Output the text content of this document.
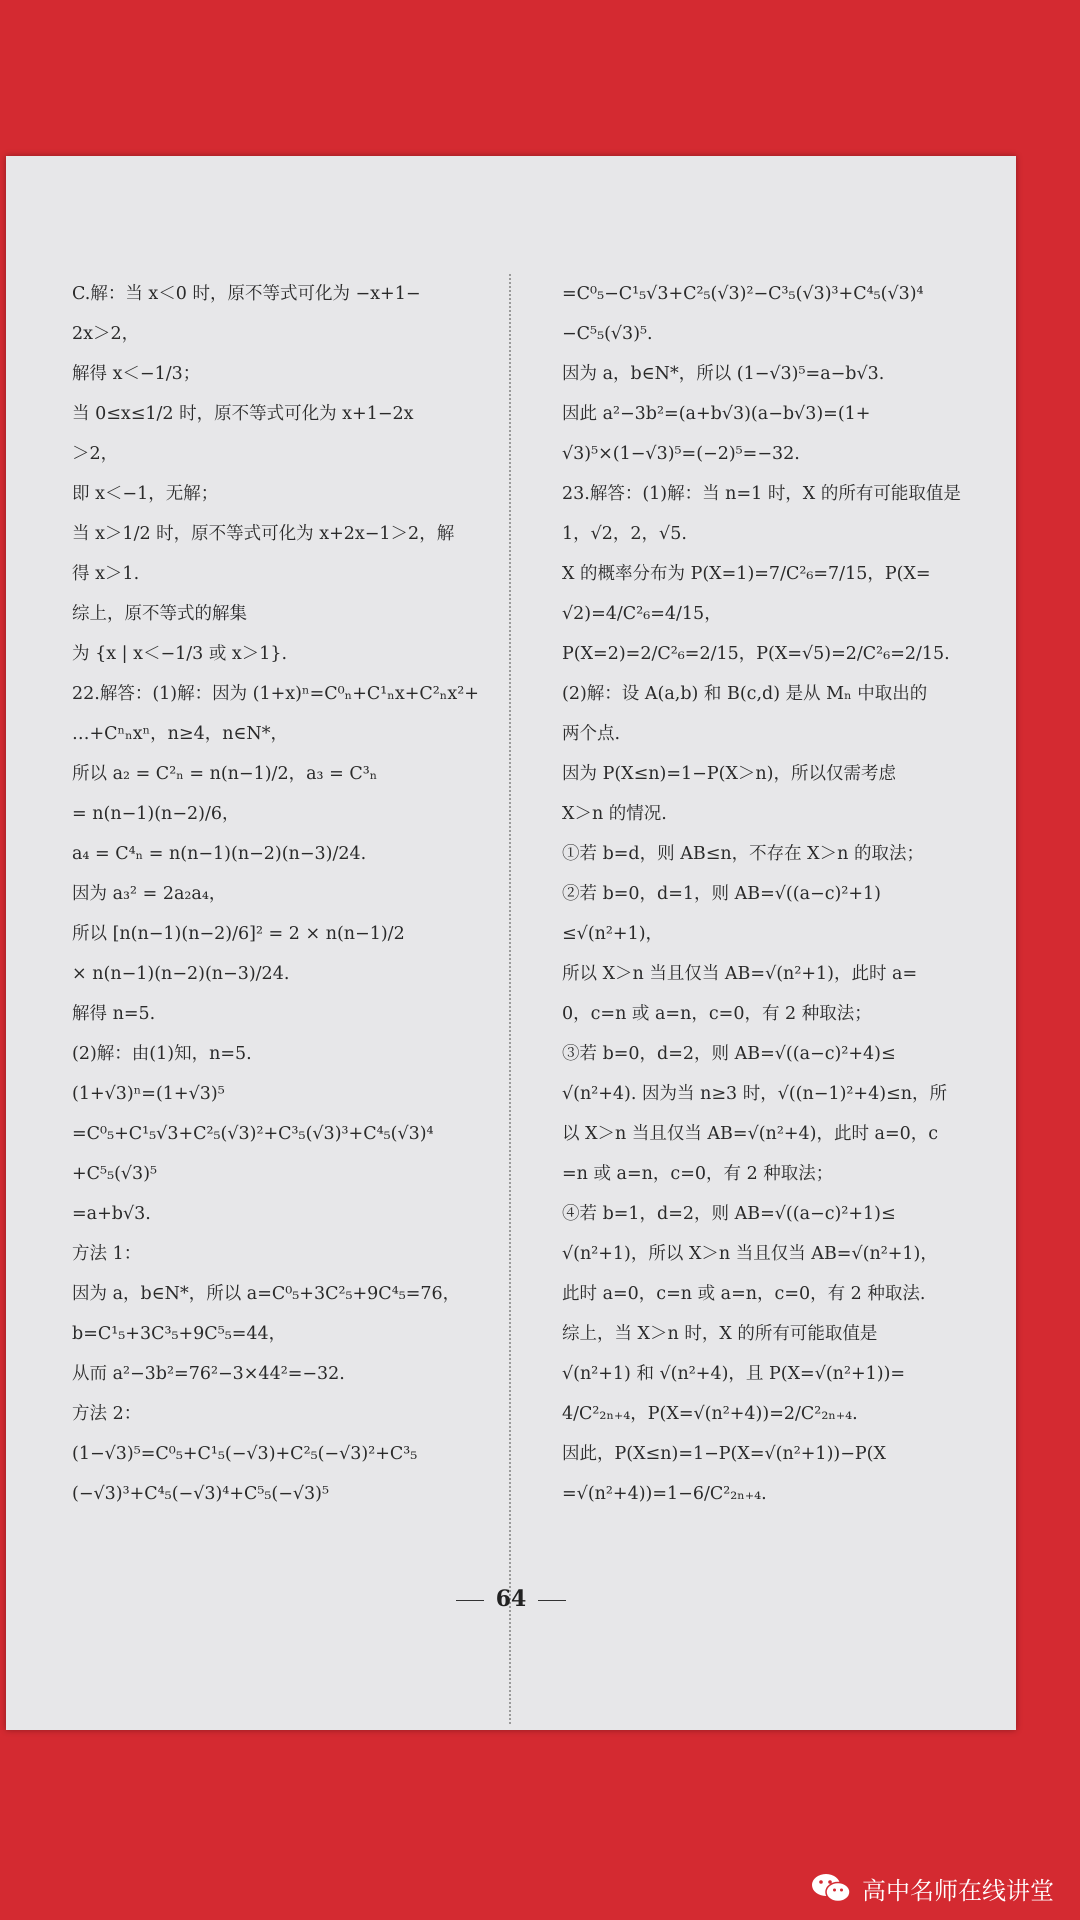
C.解：当 x＜0 时，原不等式可化为 −x+1−
2x＞2，
解得 x＜−1/3；
当 0≤x≤1/2 时，原不等式可化为 x+1−2x
＞2，
即 x＜−1，无解；
当 x＞1/2 时，原不等式可化为 x+2x−1＞2，解
得 x＞1.
综上，原不等式的解集
为 {x | x＜−1/3 或 x＞1}.
22.解答：(1)解：因为 (1+x)ⁿ=C⁰ₙ+C¹ₙx+C²ₙx²+
…+Cⁿₙxⁿ，n≥4，n∈N*，
所以 a₂ = C²ₙ = n(n−1)/2，a₃ = C³ₙ
= n(n−1)(n−2)/6，
a₄ = C⁴ₙ = n(n−1)(n−2)(n−3)/24.
因为 a₃² = 2a₂a₄，
所以 [n(n−1)(n−2)/6]² = 2 × n(n−1)/2
× n(n−1)(n−2)(n−3)/24.
解得 n=5.
(2)解：由(1)知，n=5.
(1+√3)ⁿ=(1+√3)⁵
=C⁰₅+C¹₅√3+C²₅(√3)²+C³₅(√3)³+C⁴₅(√3)⁴
+C⁵₅(√3)⁵
=a+b√3.
方法 1：
因为 a，b∈N*，所以 a=C⁰₅+3C²₅+9C⁴₅=76，
b=C¹₅+3C³₅+9C⁵₅=44，
从而 a²−3b²=76²−3×44²=−32.
方法 2：
(1−√3)⁵=C⁰₅+C¹₅(−√3)+C²₅(−√3)²+C³₅
(−√3)³+C⁴₅(−√3)⁴+C⁵₅(−√3)⁵
=C⁰₅−C¹₅√3+C²₅(√3)²−C³₅(√3)³+C⁴₅(√3)⁴
−C⁵₅(√3)⁵.
因为 a，b∈N*，所以 (1−√3)⁵=a−b√3.
因此 a²−3b²=(a+b√3)(a−b√3)=(1+
√3)⁵×(1−√3)⁵=(−2)⁵=−32.
23.解答：(1)解：当 n=1 时，X 的所有可能取值是
1，√2，2，√5.
X 的概率分布为 P(X=1)=7/C²₆=7/15，P(X=
√2)=4/C²₆=4/15，
P(X=2)=2/C²₆=2/15，P(X=√5)=2/C²₆=2/15.
(2)解：设 A(a,b) 和 B(c,d) 是从 Mₙ 中取出的
两个点.
因为 P(X≤n)=1−P(X＞n)，所以仅需考虑
X＞n 的情况.
①若 b=d，则 AB≤n，不存在 X＞n 的取法；
②若 b=0，d=1，则 AB=√((a−c)²+1)
≤√(n²+1)，
所以 X＞n 当且仅当 AB=√(n²+1)，此时 a=
0，c=n 或 a=n，c=0，有 2 种取法；
③若 b=0，d=2，则 AB=√((a−c)²+4)≤
√(n²+4). 因为当 n≥3 时，√((n−1)²+4)≤n，所
以 X＞n 当且仅当 AB=√(n²+4)，此时 a=0，c
=n 或 a=n，c=0，有 2 种取法；
④若 b=1，d=2，则 AB=√((a−c)²+1)≤
√(n²+1)，所以 X＞n 当且仅当 AB=√(n²+1)，
此时 a=0，c=n 或 a=n，c=0，有 2 种取法.
综上，当 X＞n 时，X 的所有可能取值是
√(n²+1) 和 √(n²+4)，且 P(X=√(n²+1))=
4/C²₂ₙ₊₄，P(X=√(n²+4))=2/C²₂ₙ₊₄.
因此，P(X≤n)=1−P(X=√(n²+1))−P(X
=√(n²+4))=1−6/C²₂ₙ₊₄.
64
高中名师在线讲堂
